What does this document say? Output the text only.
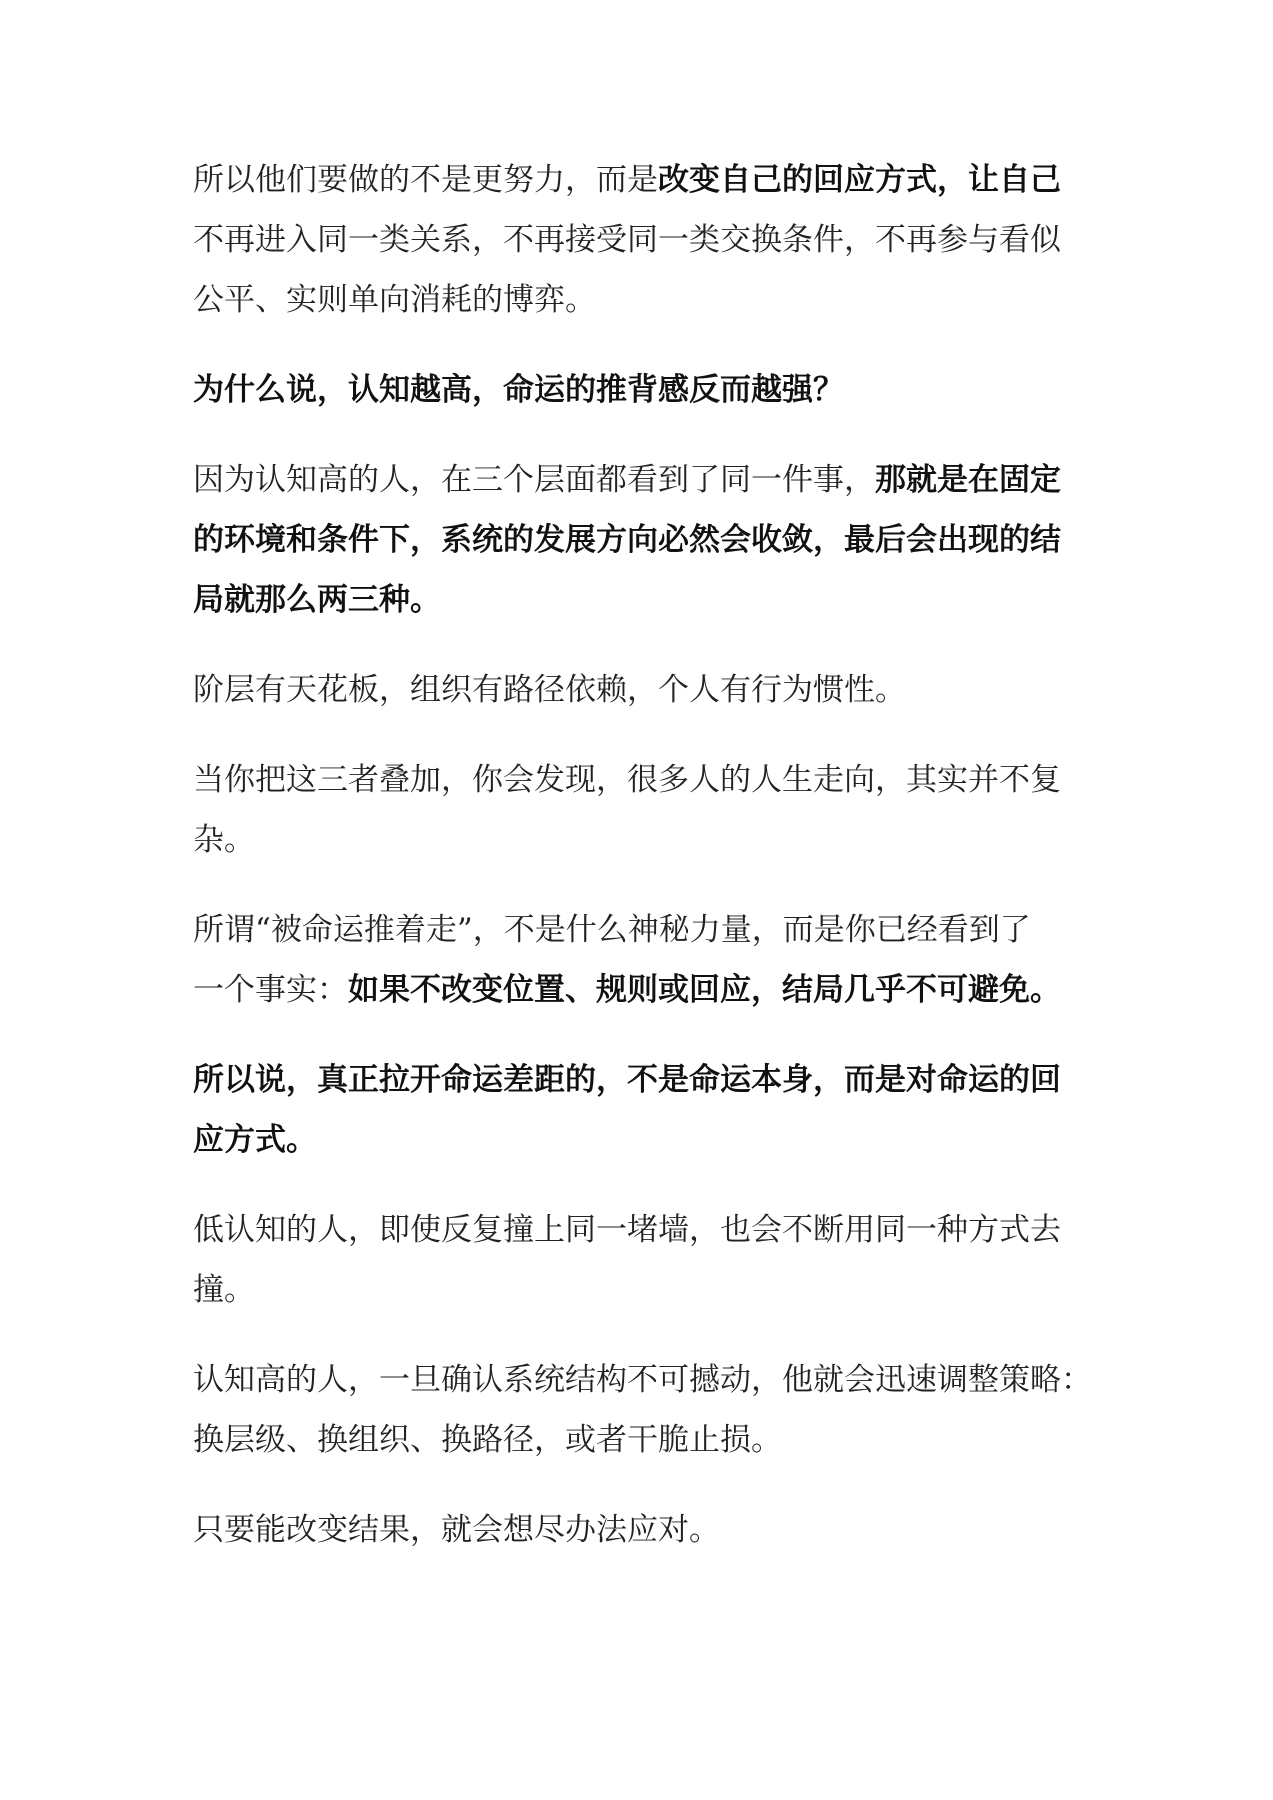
所以他们要做的不是更努力，而是改变自己的回应方式，让自己
不再进入同一类关系，不再接受同一类交换条件，不再参与看似
公平、实则单向消耗的博弈。

为什么说，认知越高，命运的推背感反而越强？

因为认知高的人，在三个层面都看到了同一件事，那就是在固定
的环境和条件下，系统的发展方向必然会收敛，最后会出现的结
局就那么两三种。

阶层有天花板，组织有路径依赖，个人有行为惯性。

当你把这三者叠加，你会发现，很多人的人生走向，其实并不复
杂。

所谓“被命运推着走”，不是什么神秘力量，而是你已经看到了
一个事实：如果不改变位置、规则或回应，结局几乎不可避免。

所以说，真正拉开命运差距的，不是命运本身，而是对命运的回
应方式。

低认知的人，即使反复撞上同一堵墙，也会不断用同一种方式去
撞。

认知高的人，一旦确认系统结构不可撼动，他就会迅速调整策略：
换层级、换组织、换路径，或者干脆止损。

只要能改变结果，就会想尽办法应对。
